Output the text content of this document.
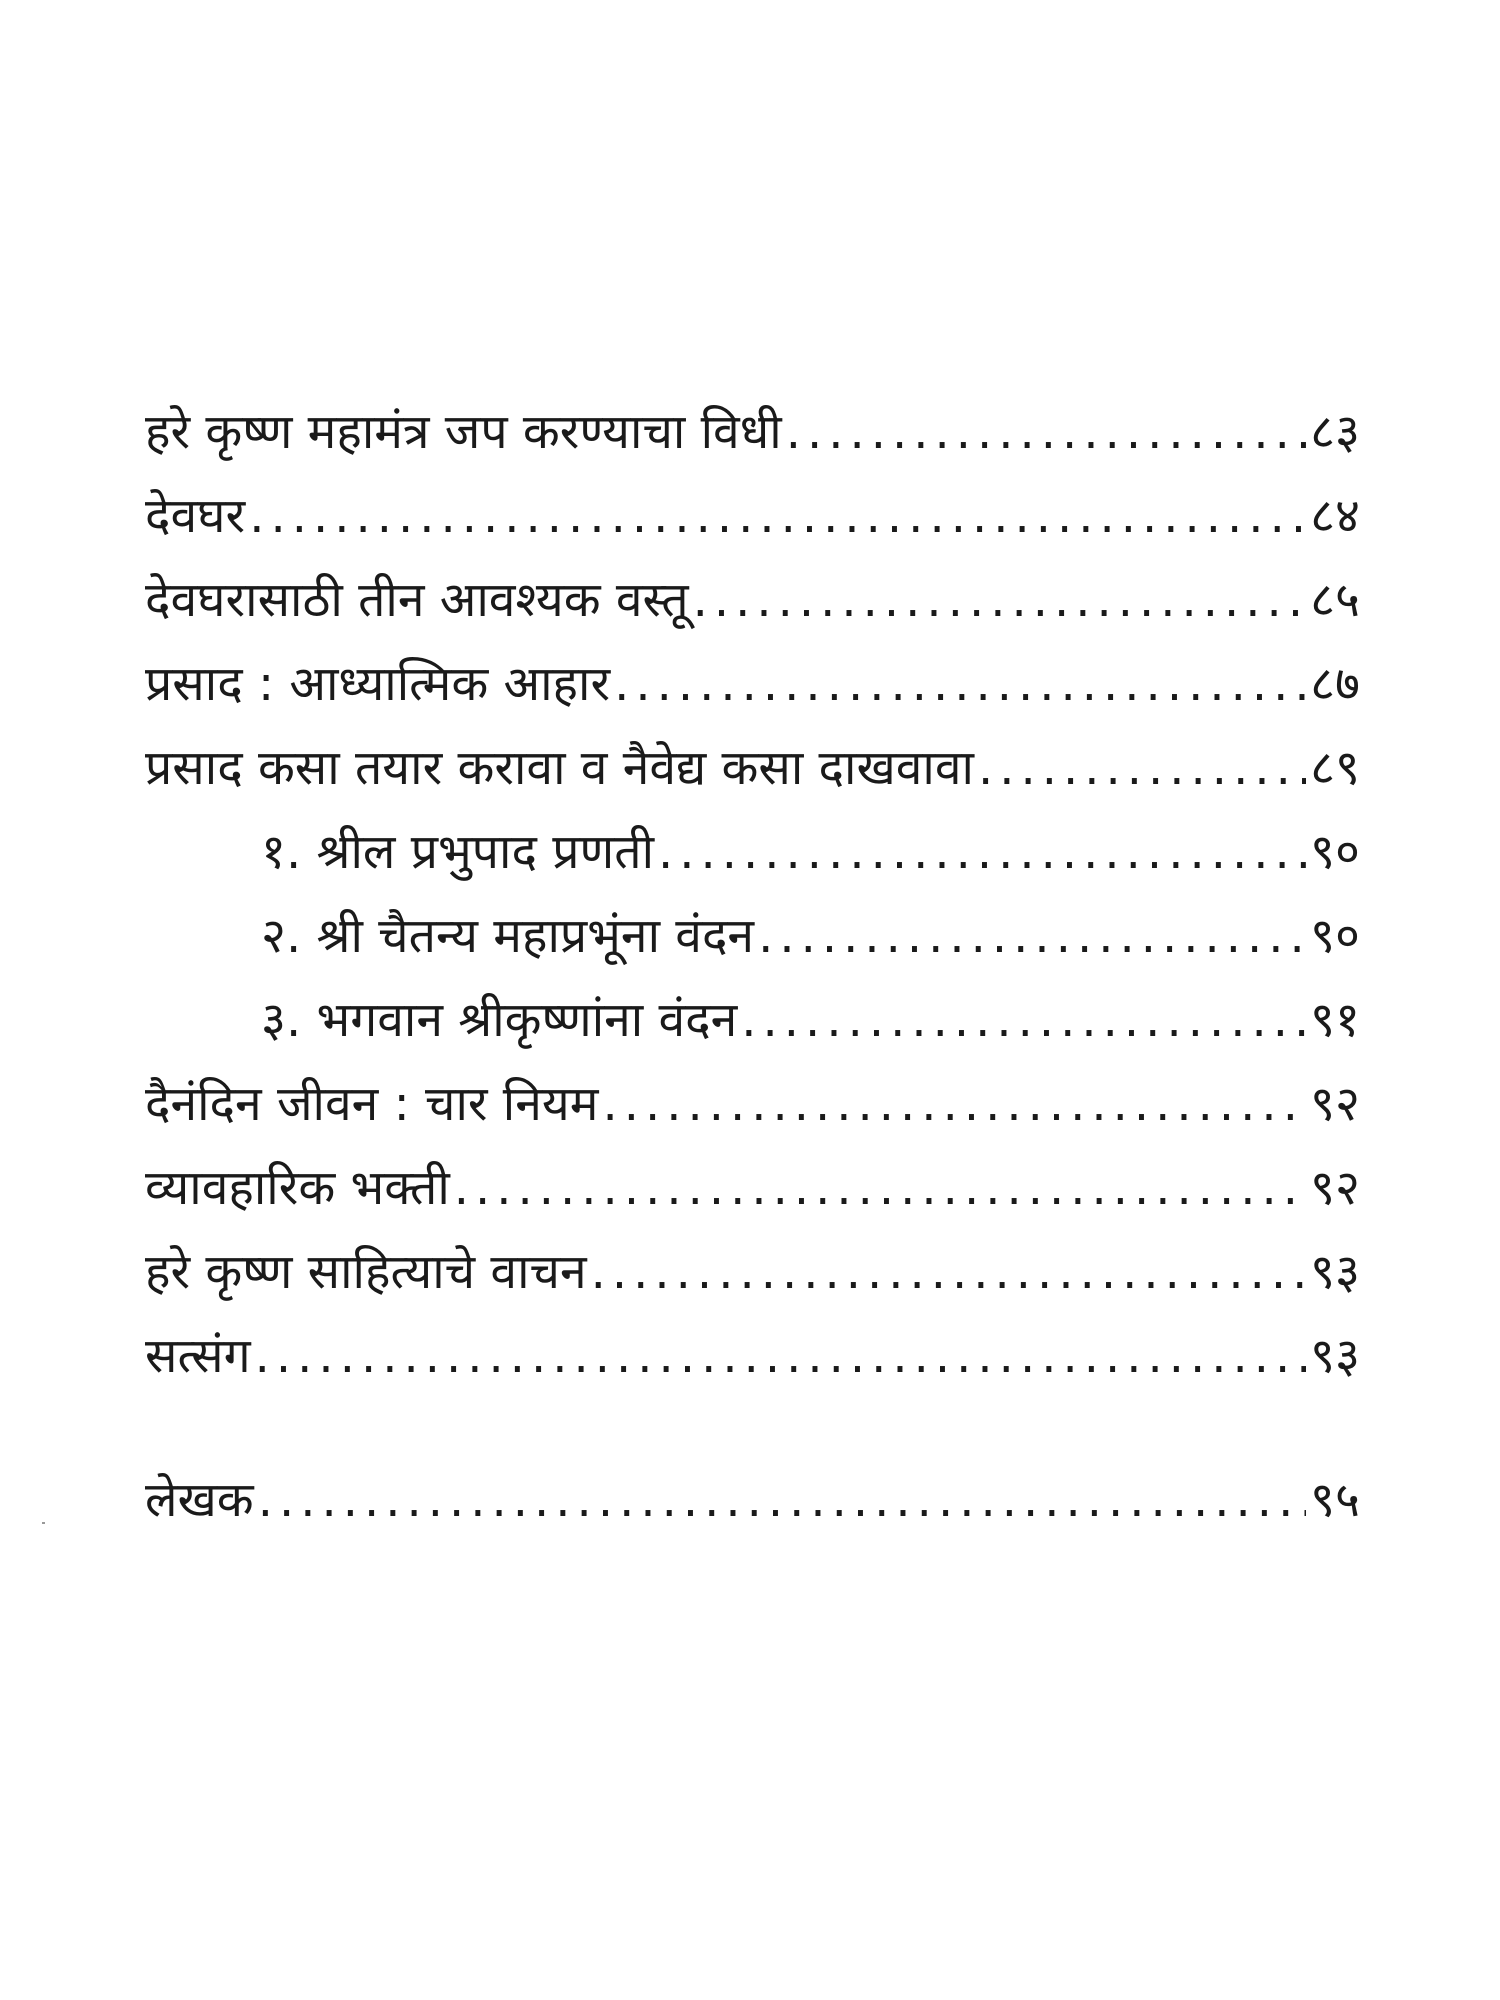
हरे कृष्ण महामंत्र जप करण्याचा विधी .....	८३
देवघर .....	८४
देवघरासाठी तीन आवश्यक वस्तू .....	८५
प्रसाद : आध्यात्मिक आहार .....	८७
प्रसाद कसा तयार करावा व नैवेद्य कसा दाखवावा .....	८९
१. श्रील प्रभुपाद प्रणती .....	९०
२. श्री चैतन्य महाप्रभूंना वंदन .....	९०
३. भगवान श्रीकृष्णांना वंदन .....	९१
दैनंदिन जीवन : चार नियम .....	९२
व्यावहारिक भक्ती .....	९२
हरे कृष्ण साहित्याचे वाचन .....	९३
सत्संग .....	९३
लेखक .....	९५
